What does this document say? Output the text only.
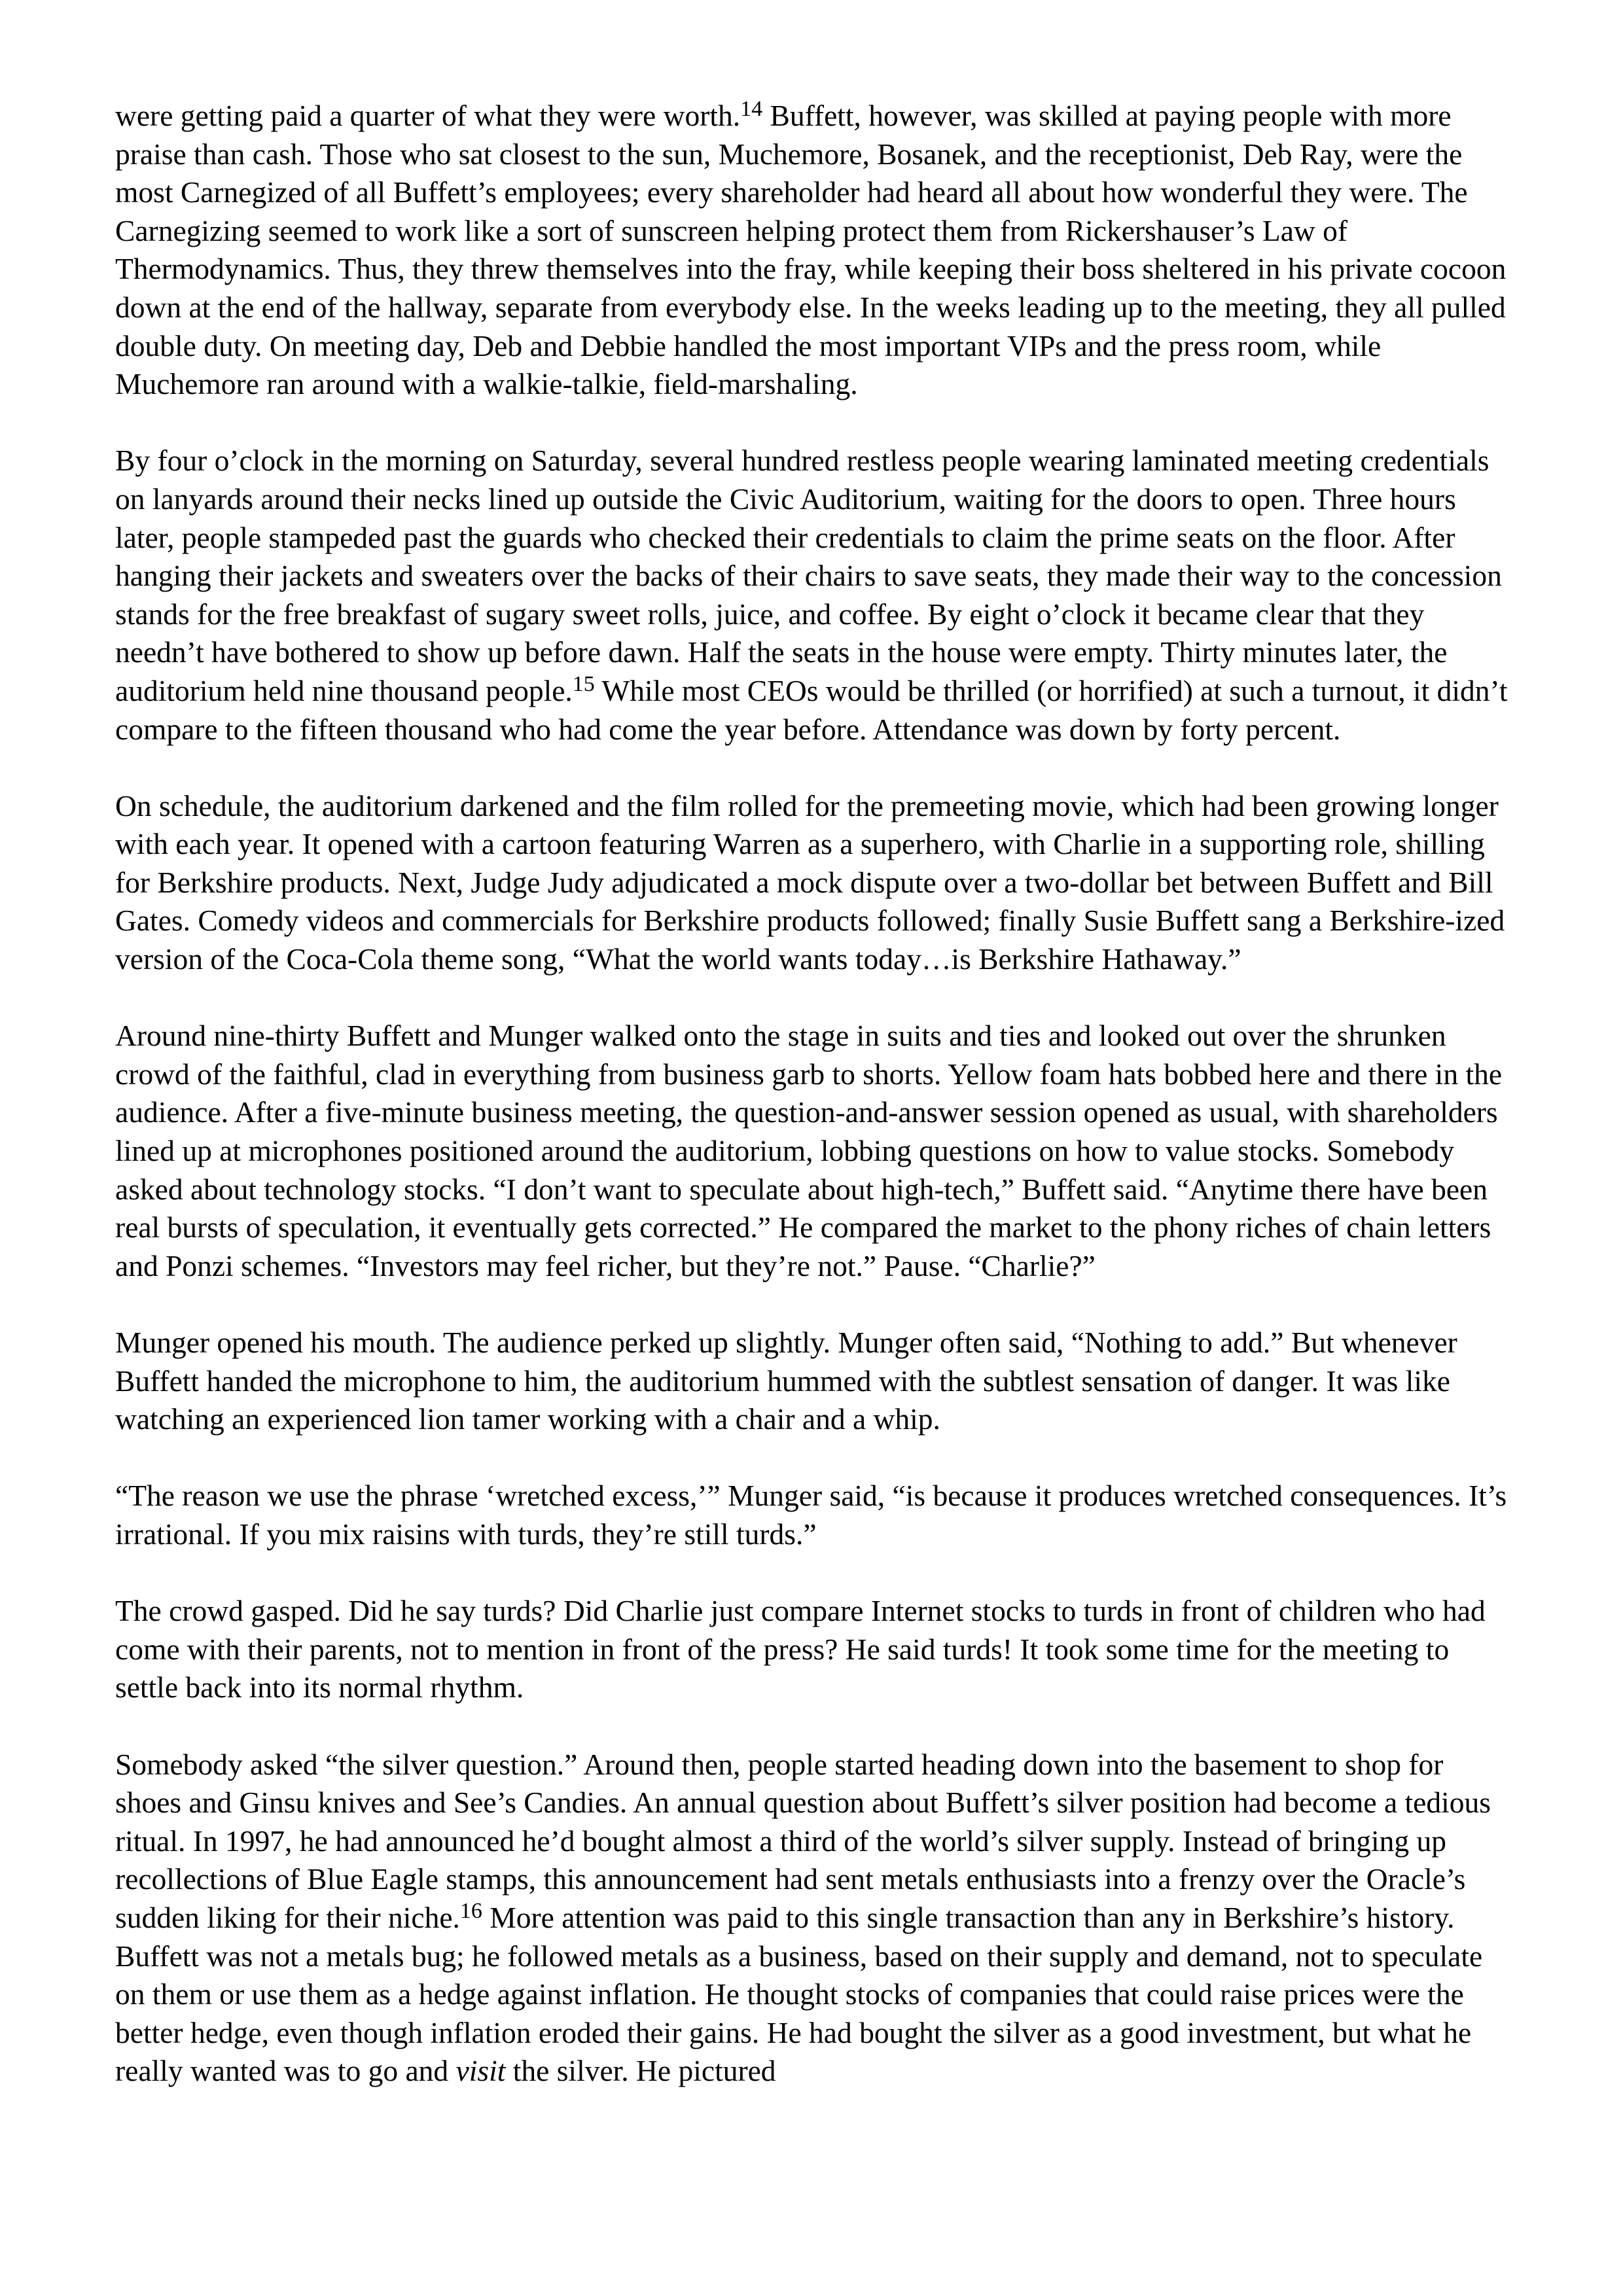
were getting paid a quarter of what they were worth.$^{14}$ Buffett, however, was skilled at paying people with more praise than cash. Those who sat closest to the sun, Muchemore, Bosanek, and the receptionist, Deb Ray, were the most Carnegized of all Buffett’s employees; every shareholder had heard all about how wonderful they were. The Carnegizing seemed to work like a sort of sunscreen helping protect them from Rickershauser’s Law of Thermodynamics. Thus, they threw themselves into the fray, while keeping their boss sheltered in his private cocoon down at the end of the hallway, separate from everybody else. In the weeks leading up to the meeting, they all pulled double duty. On meeting day, Deb and Debbie handled the most important VIPs and the press room, while Muchemore ran around with a walkie-talkie, field-marshaling.

By four o’clock in the morning on Saturday, several hundred restless people wearing laminated meeting credentials on lanyards around their necks lined up outside the Civic Auditorium, waiting for the doors to open. Three hours later, people stampeded past the guards who checked their credentials to claim the prime seats on the floor. After hanging their jackets and sweaters over the backs of their chairs to save seats, they made their way to the concession stands for the free breakfast of sugary sweet rolls, juice, and coffee. By eight o’clock it became clear that they needn’t have bothered to show up before dawn. Half the seats in the house were empty. Thirty minutes later, the auditorium held nine thousand people.$^{15}$ While most CEOs would be thrilled (or horrified) at such a turnout, it didn’t compare to the fifteen thousand who had come the year before. Attendance was down by forty percent.

On schedule, the auditorium darkened and the film rolled for the premeeting movie, which had been growing longer with each year. It opened with a cartoon featuring Warren as a superhero, with Charlie in a supporting role, shilling for Berkshire products. Next, Judge Judy adjudicated a mock dispute over a two-dollar bet between Buffett and Bill Gates. Comedy videos and commercials for Berkshire products followed; finally Susie Buffett sang a Berkshire-ized version of the Coca-Cola theme song, “What the world wants today…is Berkshire Hathaway.”

Around nine-thirty Buffett and Munger walked onto the stage in suits and ties and looked out over the shrunken crowd of the faithful, clad in everything from business garb to shorts. Yellow foam hats bobbed here and there in the audience. After a five-minute business meeting, the question-and-answer session opened as usual, with shareholders lined up at microphones positioned around the auditorium, lobbing questions on how to value stocks. Somebody asked about technology stocks. “I don’t want to speculate about high-tech,” Buffett said. “Anytime there have been real bursts of speculation, it eventually gets corrected.” He compared the market to the phony riches of chain letters and Ponzi schemes. “Investors may feel richer, but they’re not.” Pause. “Charlie?”

Munger opened his mouth. The audience perked up slightly. Munger often said, “Nothing to add.” But whenever Buffett handed the microphone to him, the auditorium hummed with the subtlest sensation of danger. It was like watching an experienced lion tamer working with a chair and a whip.

“The reason we use the phrase ‘wretched excess,’” Munger said, “is because it produces wretched consequences. It’s irrational. If you mix raisins with turds, they’re still turds.”

The crowd gasped. Did he say turds? Did Charlie just compare Internet stocks to turds in front of children who had come with their parents, not to mention in front of the press? He said turds! It took some time for the meeting to settle back into its normal rhythm.

Somebody asked “the silver question.” Around then, people started heading down into the basement to shop for shoes and Ginsu knives and See’s Candies. An annual question about Buffett’s silver position had become a tedious ritual. In 1997, he had announced he’d bought almost a third of the world’s silver supply. Instead of bringing up recollections of Blue Eagle stamps, this announcement had sent metals enthusiasts into a frenzy over the Oracle’s sudden liking for their niche.$^{16}$ More attention was paid to this single transaction than any in Berkshire’s history. Buffett was not a metals bug; he followed metals as a business, based on their supply and demand, not to speculate on them or use them as a hedge against inflation. He thought stocks of companies that could raise prices were the better hedge, even though inflation eroded their gains. He had bought the silver as a good investment, but what he really wanted was to go and visit the silver. He pictured
